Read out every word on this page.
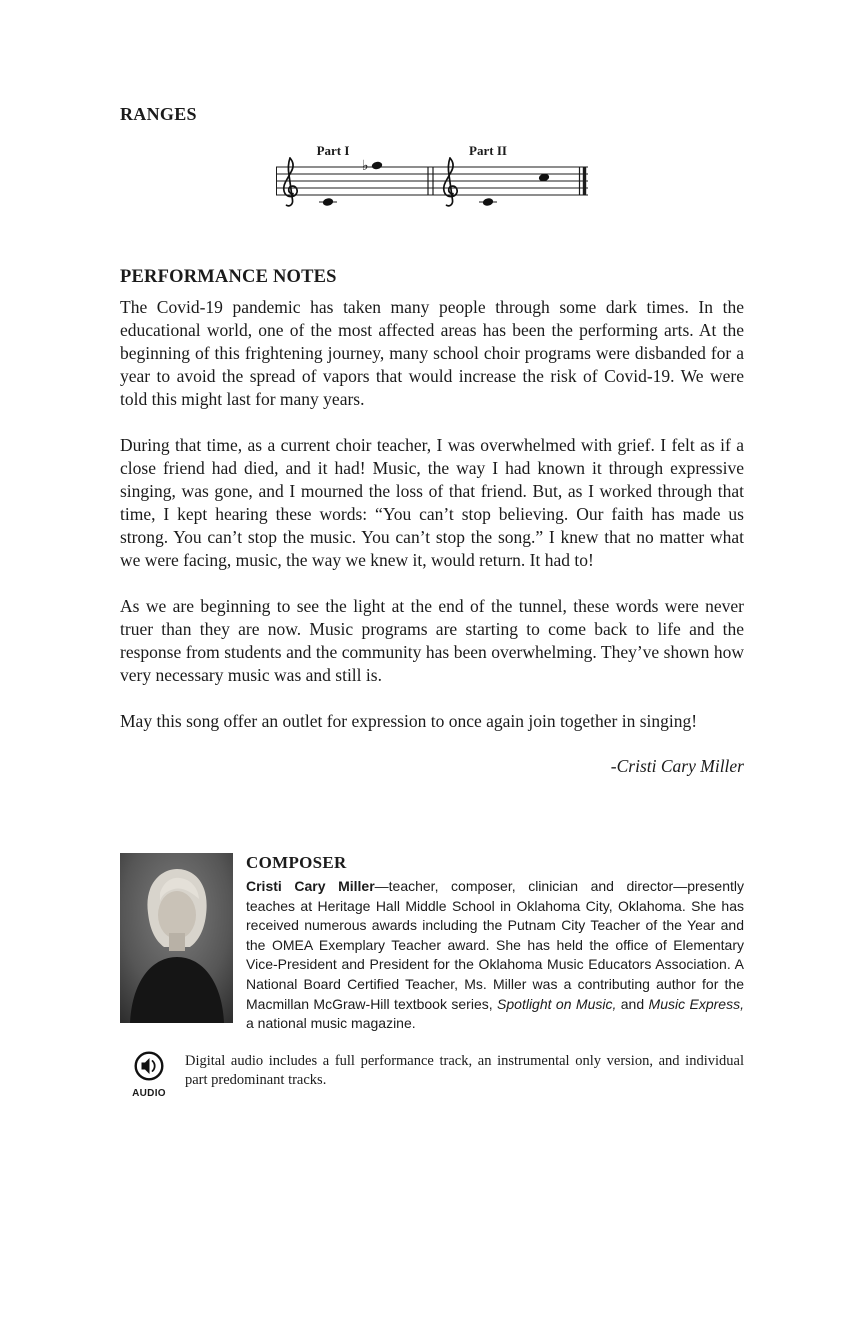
RANGES
Part I	Part II
♭
PERFORMANCE NOTES

The Covid-19 pandemic has taken many people through some dark times. In the educational world, one of the most affected areas has been the performing arts. At the beginning of this frightening journey, many school choir programs were disbanded for a year to avoid the spread of vapors that would increase the risk of Covid-19. We were told this might last for many years.

During that time, as a current choir teacher, I was overwhelmed with grief. I felt as if a close friend had died, and it had! Music, the way I had known it through expressive singing, was gone, and I mourned the loss of that friend. But, as I worked through that time, I kept hearing these words: “You can’t stop believing. Our faith has made us strong. You can’t stop the music. You can’t stop the song.” I knew that no matter what we were facing, music, the way we knew it, would return. It had to!

As we are beginning to see the light at the end of the tunnel, these words were never truer than they are now. Music programs are starting to come back to life and the response from students and the community has been overwhelming. They’ve shown how very necessary music was and still is.

May this song offer an outlet for expression to once again join together in singing!

-Cristi Cary Miller
COMPOSER

Cristi Cary Miller—teacher, composer, clinician and director—presently teaches at Heritage Hall Middle School in Oklahoma City, Oklahoma. She has received numerous awards including the Putnam City Teacher of the Year and the OMEA Exemplary Teacher award. She has held the office of Elementary Vice-President and President for the Oklahoma Music Educators Association. A National Board Certified Teacher, Ms. Miller was a contributing author for the Macmillan McGraw-Hill textbook series, Spotlight on Music, and Music Express, a national music magazine.

AUDIO

Digital audio includes a full performance track, an instrumental only version, and individual part predominant tracks.
